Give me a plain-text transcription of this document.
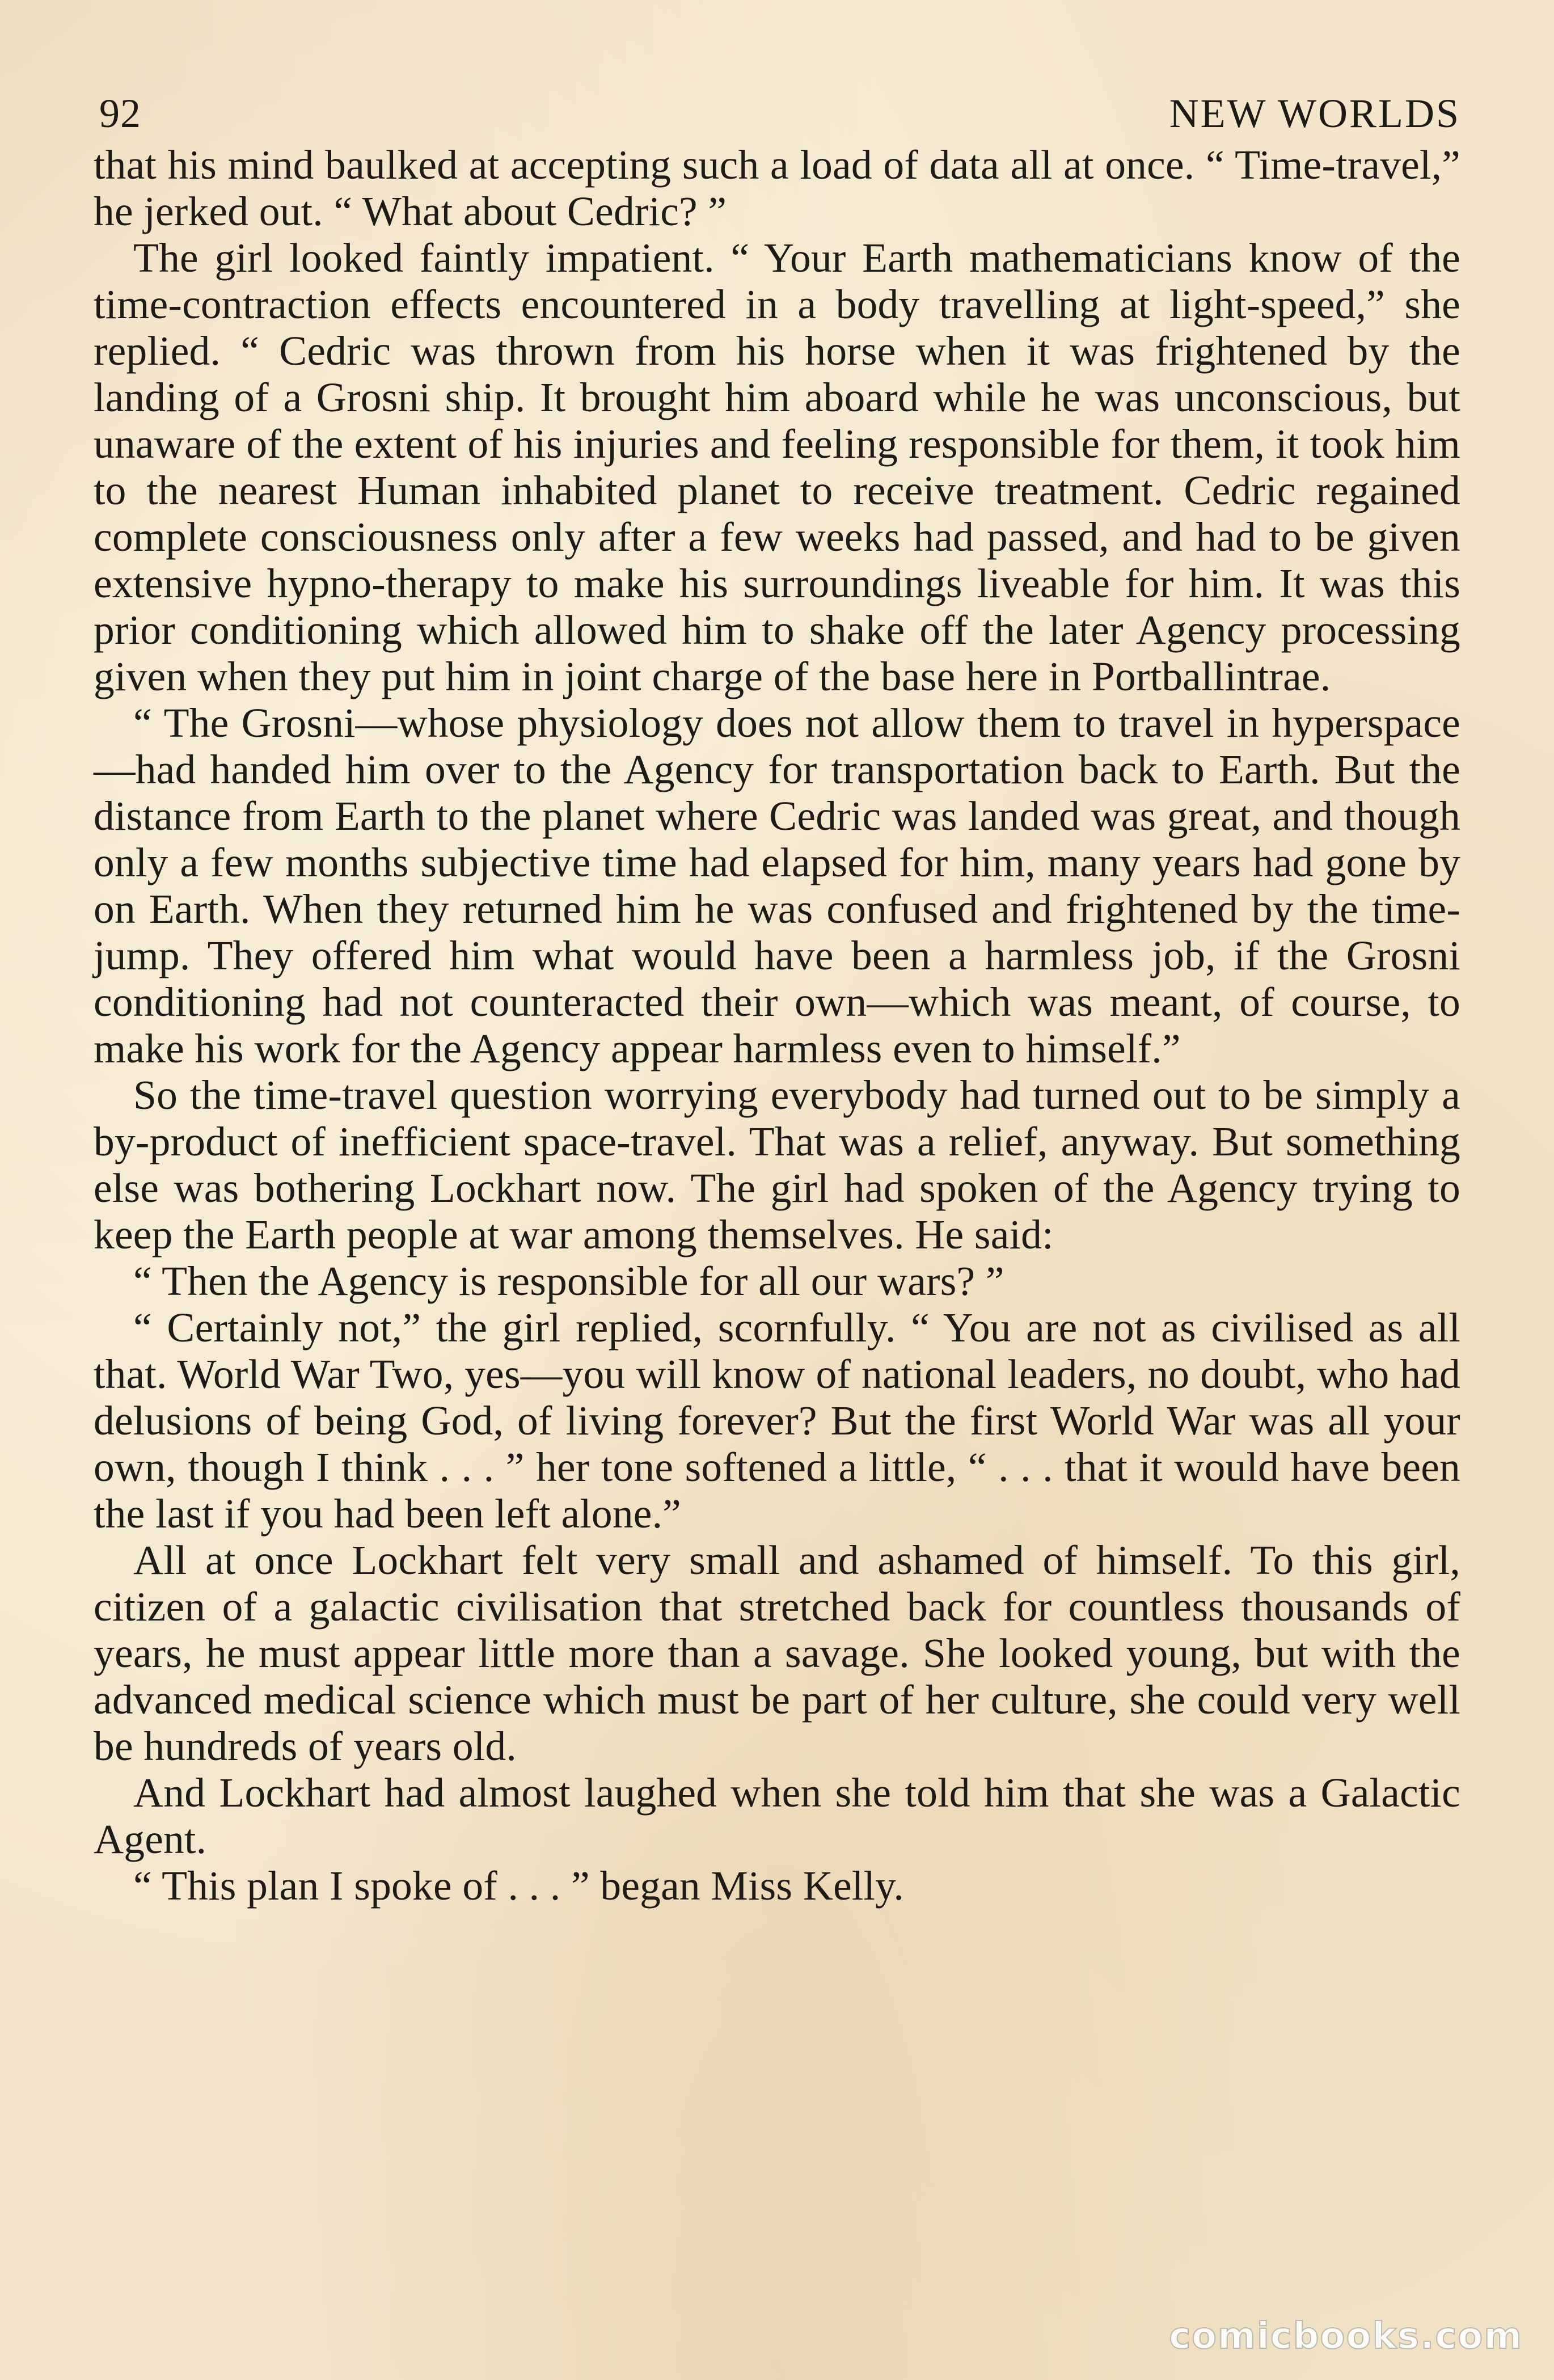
92	NEW WORLDS

that his mind baulked at accepting such a load of data all at once. “ Time-travel,” he jerked out. “ What about Cedric? ”

The girl looked faintly impatient. “ Your Earth mathematicians know of the time-contraction effects encountered in a body travelling at light-speed,” she replied. “ Cedric was thrown from his horse when it was frightened by the landing of a Grosni ship. It brought him aboard while he was unconscious, but unaware of the extent of his injuries and feeling responsible for them, it took him to the nearest Human inhabited planet to receive treatment. Cedric regained complete consciousness only after a few weeks had passed, and had to be given extensive hypno-therapy to make his surroundings liveable for him. It was this prior conditioning which allowed him to shake off the later Agency processing given when they put him in joint charge of the base here in Portballintrae.

“ The Grosni—whose physiology does not allow them to travel in hyperspace—had handed him over to the Agency for transportation back to Earth. But the distance from Earth to the planet where Cedric was landed was great, and though only a few months subjective time had elapsed for him, many years had gone by on Earth. When they returned him he was confused and frightened by the time-jump. They offered him what would have been a harmless job, if the Grosni conditioning had not counteracted their own—which was meant, of course, to make his work for the Agency appear harmless even to himself.”

So the time-travel question worrying everybody had turned out to be simply a by-product of inefficient space-travel. That was a relief, anyway. But something else was bothering Lockhart now. The girl had spoken of the Agency trying to keep the Earth people at war among themselves. He said:

“ Then the Agency is responsible for all our wars? ”

“ Certainly not,” the girl replied, scornfully. “ You are not as civilised as all that. World War Two, yes—you will know of national leaders, no doubt, who had delusions of being God, of living forever? But the first World War was all your own, though I think . . . ” her tone softened a little, “ . . . that it would have been the last if you had been left alone.”

All at once Lockhart felt very small and ashamed of himself. To this girl, citizen of a galactic civilisation that stretched back for countless thousands of years, he must appear little more than a savage. She looked young, but with the advanced medical science which must be part of her culture, she could very well be hundreds of years old.

And Lockhart had almost laughed when she told him that she was a Galactic Agent.

“ This plan I spoke of . . . ” began Miss Kelly.

comicbooks.com
